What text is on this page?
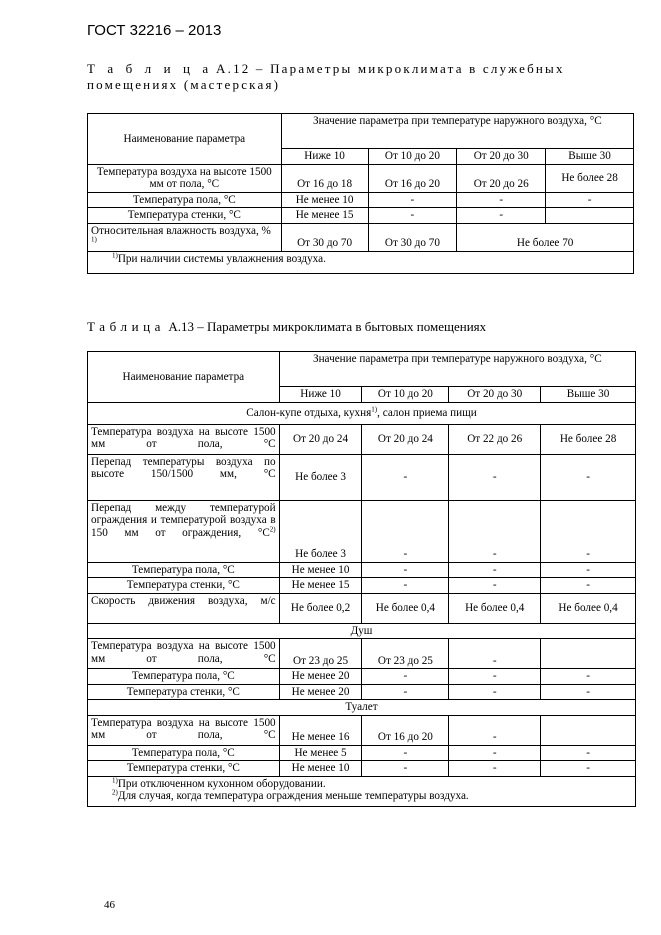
ГОСТ 32216 – 2013
Т а б л и ц а А.12 – Параметры микроклимата в служебных помещениях (мастерская)
Наименование параметра	Значение параметра при температуре наружного воздуха, °С			
	Ниже 10	От 10 до 20	От 20 до 30	Выше 30
Температура воздуха на высоте 1500 мм от пола, °С	От 16 до 18	От 16 до 20	От 20 до 26	Не более 28
Температура пола, °С	Не менее 10	-	-	-
Температура стенки, °С	Не менее 15	-	-	
Относительная влажность воздуха, % $^{1)}$	От 30 до 70	От 30 до 70	Не более 70	
$^{1)}$При наличии системы увлажнения воздуха.				
Таблица А.13 – Параметры микроклимата в бытовых помещениях
Наименование параметра	Значение параметра при температуре наружного воздуха, °С			
	Ниже 10	От 10 до 20	От 20 до 30	Выше 30
Салон-купе отдыха, кухня$^{1)}$, салон приема пищи				
Температура воздуха на высоте 1500 мм от пола, °С	От 20 до 24	От 20 до 24	От 22 до 26	Не более 28
Перепад температуры воздуха по высоте 150/1500 мм, °С	Не более 3	-	-	-
Перепад между температурой ограждения и температурой воздуха в 150 мм от ограждения, $^\circ С^{2)}$	Не более 3	-	-	-
Температура пола, °С	Не менее 10	-	-	-
Температура стенки, °С	Не менее 15	-	-	-
Скорость движения воздуха, м/с	Не более 0,2	Не более 0,4	Не более 0,4	Не более 0,4
Душ				
Температура воздуха на высоте 1500 мм от пола, °С	От 23 до 25	От 23 до 25	-	
Температура пола, °С	Не менее 20	-	-	-
Температура стенки, °С	Не менее 20	-	-	-
Туалет				
Температура воздуха на высоте 1500 мм от пола, °С	Не менее 16	От 16 до 20	-	
Температура пола, °С	Не менее 5	-	-	-
Температура стенки, °С	Не менее 10	-	-	-

$^{1)}$При отключенном кухонном оборудовании.
$^{2)}$Для случая, когда температура ограждения меньше температуры воздуха.				
46
